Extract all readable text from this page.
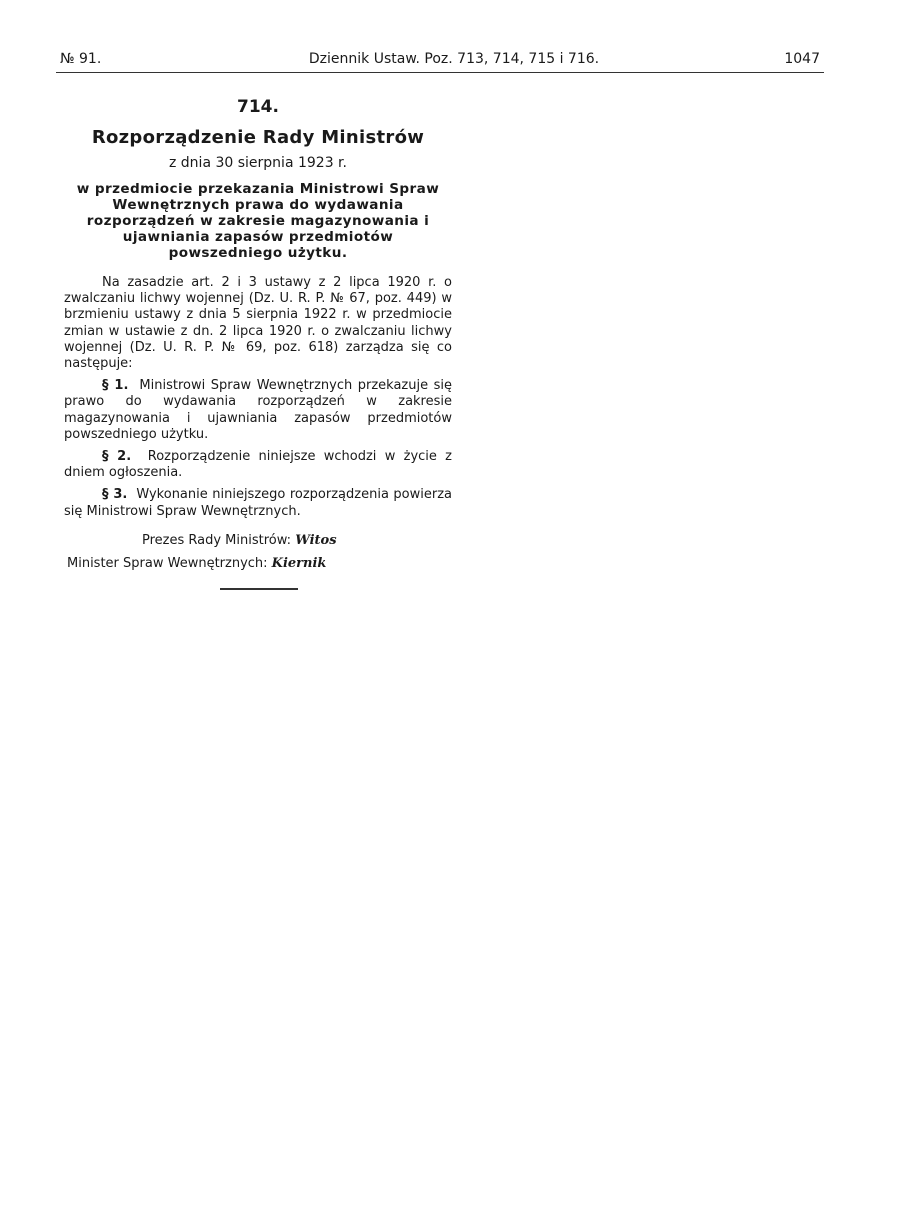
№ 91.	Dziennik Ustaw. Poz. 713, 714, 715 i 716.	1047
714.
Rozporządzenie Rady Ministrów
z dnia 30 sierpnia 1923 r.
w przedmiocie przekazania Ministrowi Spraw Wewnętrznych prawa do wydawania rozporządzeń w zakresie magazynowania i ujawniania zapasów przedmiotów powszedniego użytku.

Na zasadzie art. 2 i 3 ustawy z 2 lipca 1920 r. o zwalczaniu lichwy wojennej (Dz. U. R. P. № 67, poz. 449) w brzmieniu ustawy z dnia 5 sierpnia 1922 r. w przedmiocie zmian w ustawie z dn. 2 lipca 1920 r. o zwalczaniu lichwy wojennej (Dz. U. R. P. № 69, poz. 618) zarządza się co następuje:

§ 1. Ministrowi Spraw Wewnętrznych przekazuje się prawo do wydawania rozporządzeń w zakresie magazynowania i ujawniania zapasów przedmiotów powszedniego użytku.

§ 2. Rozporządzenie niniejsze wchodzi w życie z dniem ogłoszenia.

§ 3. Wykonanie niniejszego rozporządzenia powierza się Ministrowi Spraw Wewnętrznych.

Prezes Rady Ministrów: Witos
Minister Spraw Wewnętrznych: Kiernik
